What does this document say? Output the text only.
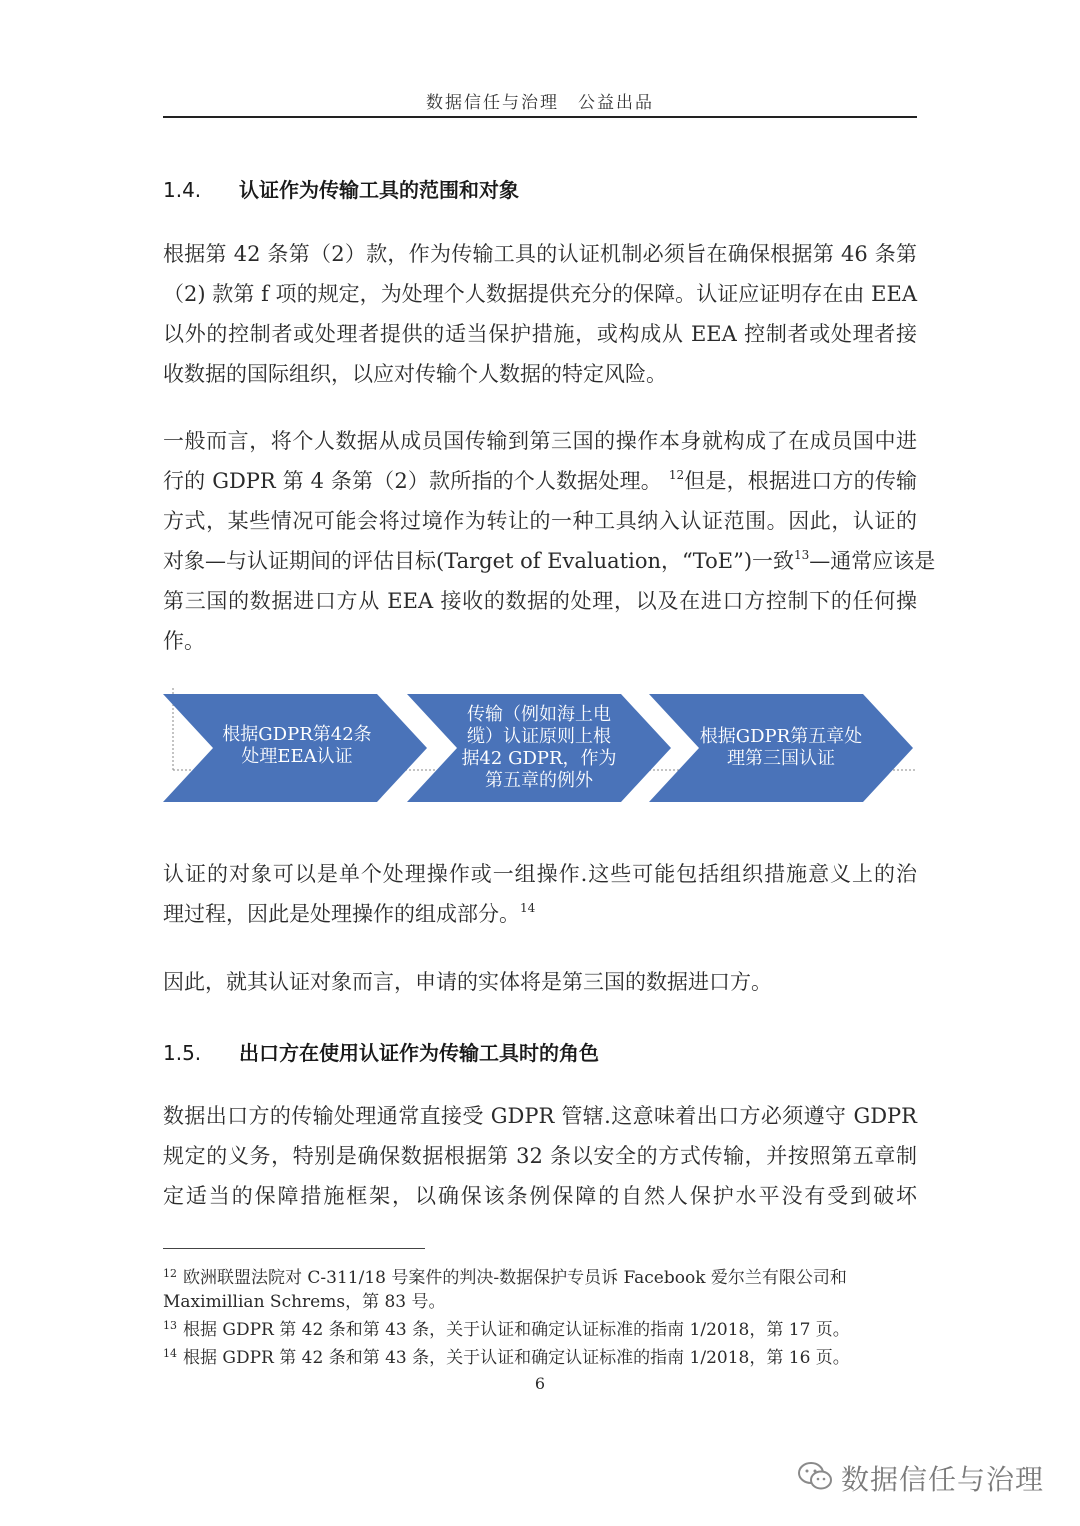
数据信任与治理　公益出品
1.4. 认证作为传输工具的范围和对象
根据第 42 条第（2）款，作为传输工具的认证机制必须旨在确保根据第 46 条第
（2) 款第 f 项的规定，为处理个人数据提供充分的保障。认证应证明存在由 EEA
以外的控制者或处理者提供的适当保护措施，或构成从 EEA 控制者或处理者接
收数据的国际组织，以应对传输个人数据的特定风险。
一般而言，将个人数据从成员国传输到第三国的操作本身就构成了在成员国中进
行的 GDPR 第 4 条第（2）款所指的个人数据处理。 $^{12}$但是，根据进口方的传输
方式，某些情况可能会将过境作为转让的一种工具纳入认证范围。因此，认证的
对象—与认证期间的评估目标(Target of Evaluation，“ToE”)一致$^{13}$—通常应该是
第三国的数据进口方从 EEA 接收的数据的处理，以及在进口方控制下的任何操
作。
根据GDPR第42条
处理EEA认证
传输（例如海上电
缆）认证原则上根
据42 GDPR，作为
第五章的例外
根据GDPR第五章处
理第三国认证
认证的对象可以是单个处理操作或一组操作.这些可能包括组织措施意义上的治
理过程，因此是处理操作的组成部分。$^{14}$
因此，就其认证对象而言，申请的实体将是第三国的数据进口方。
1.5. 出口方在使用认证作为传输工具时的角色
数据出口方的传输处理通常直接受 GDPR 管辖.这意味着出口方必须遵守 GDPR
规定的义务，特别是确保数据根据第 32 条以安全的方式传输，并按照第五章制
定适当的保障措施框架，以确保该条例保障的自然人保护水平没有受到破坏
$^{12}$ 欧洲联盟法院对 C-311/18 号案件的判决-数据保护专员诉 Facebook 爱尔兰有限公司和
Maximillian Schrems，第 83 号。
$^{13}$ 根据 GDPR 第 42 条和第 43 条，关于认证和确定认证标准的指南 1/2018，第 17 页。
$^{14}$ 根据 GDPR 第 42 条和第 43 条，关于认证和确定认证标准的指南 1/2018，第 16 页。
6
数据信任与治理
